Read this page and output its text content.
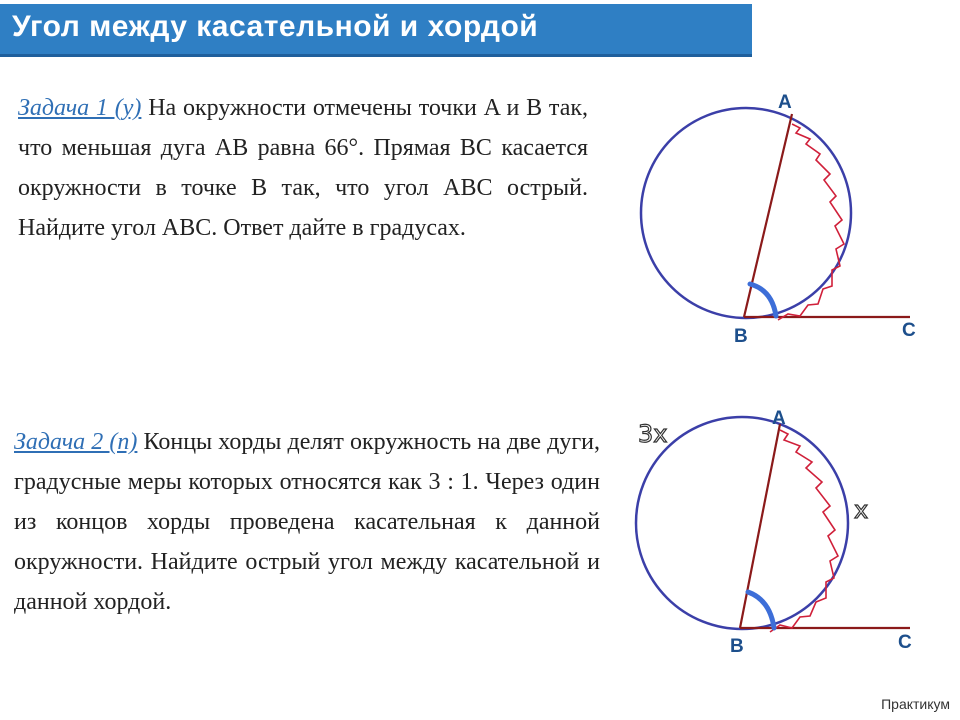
Угол между касательной и хордой

Задача 1 (у) На окружности отмечены точки A и B так, что меньшая дуга AB равна 66°. Прямая BC касается окружности в точке B так, что угол ABC острый. Найдите угол ABC. Ответ дайте в градусах.

A
B	C

Задача 2 (п) Концы хорды делят окружность на две дуги, градусные меры которых относятся как 3 : 1. Через один из концов хорды проведена касательная к данной окружности. Найдите острый угол между касательной и данной хордой.

A
B	C
3x
x
Практикум
